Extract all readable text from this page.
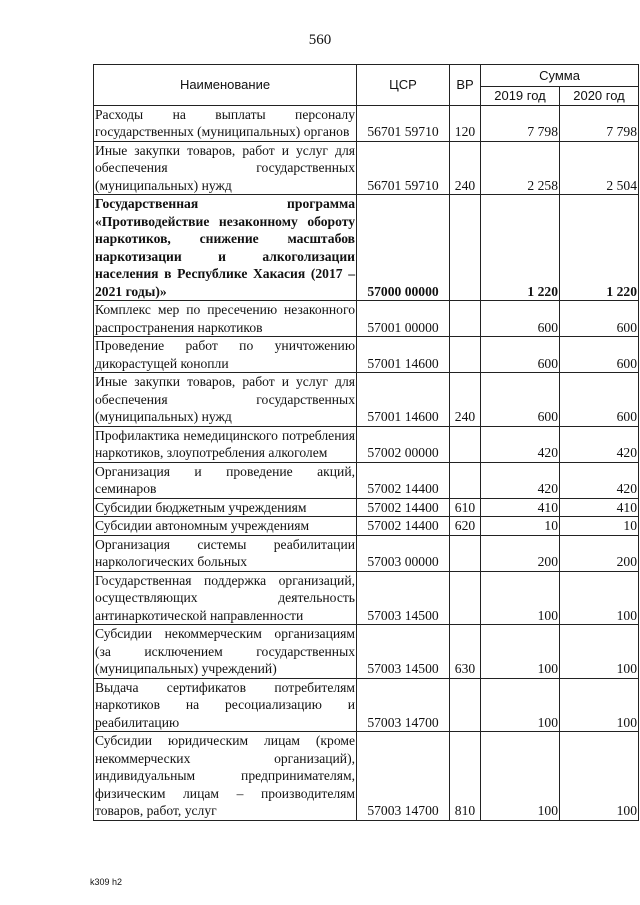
560
Наименование	ЦСР	ВР	Сумма	
			2019 год	2020 год
Расходы на выплаты персоналу государственных (муниципальных) органов	56701 59710	120	7 798	7 798
Иные закупки товаров, работ и услуг для обеспечения государственных (муниципальных) нужд	56701 59710	240	2 258	2 504
Государственная программа «Противодействие незаконному обороту наркотиков, снижение масштабов наркотизации и алкоголизации населения в Республике Хакасия (2017 – 2021 годы)»	57000 00000		1 220	1 220
Комплекс мер по пресечению незаконного распространения наркотиков	57001 00000		600	600
Проведение работ по уничтожению дикорастущей конопли	57001 14600		600	600
Иные закупки товаров, работ и услуг для обеспечения государственных (муниципальных) нужд	57001 14600	240	600	600
Профилактика немедицинского потребления наркотиков, злоупотребления алкоголем	57002 00000		420	420
Организация и проведение акций, семинаров	57002 14400		420	420
Субсидии бюджетным учреждениям	57002 14400	610	410	410
Субсидии автономным учреждениям	57002 14400	620	10	10
Организация системы реабилитации наркологических больных	57003 00000		200	200
Государственная поддержка организаций, осуществляющих деятельность антинаркотической направленности	57003 14500		100	100
Субсидии некоммерческим организациям (за исключением государственных (муниципальных) учреждений)	57003 14500	630	100	100
Выдача сертификатов потребителям наркотиков на ресоциализацию и реабилитацию	57003 14700		100	100
Субсидии юридическим лицам (кроме некоммерческих организаций), индивидуальным предпринимателям, физическим лицам – производителям товаров, работ, услуг	57003 14700	810	100	100
k309 h2
